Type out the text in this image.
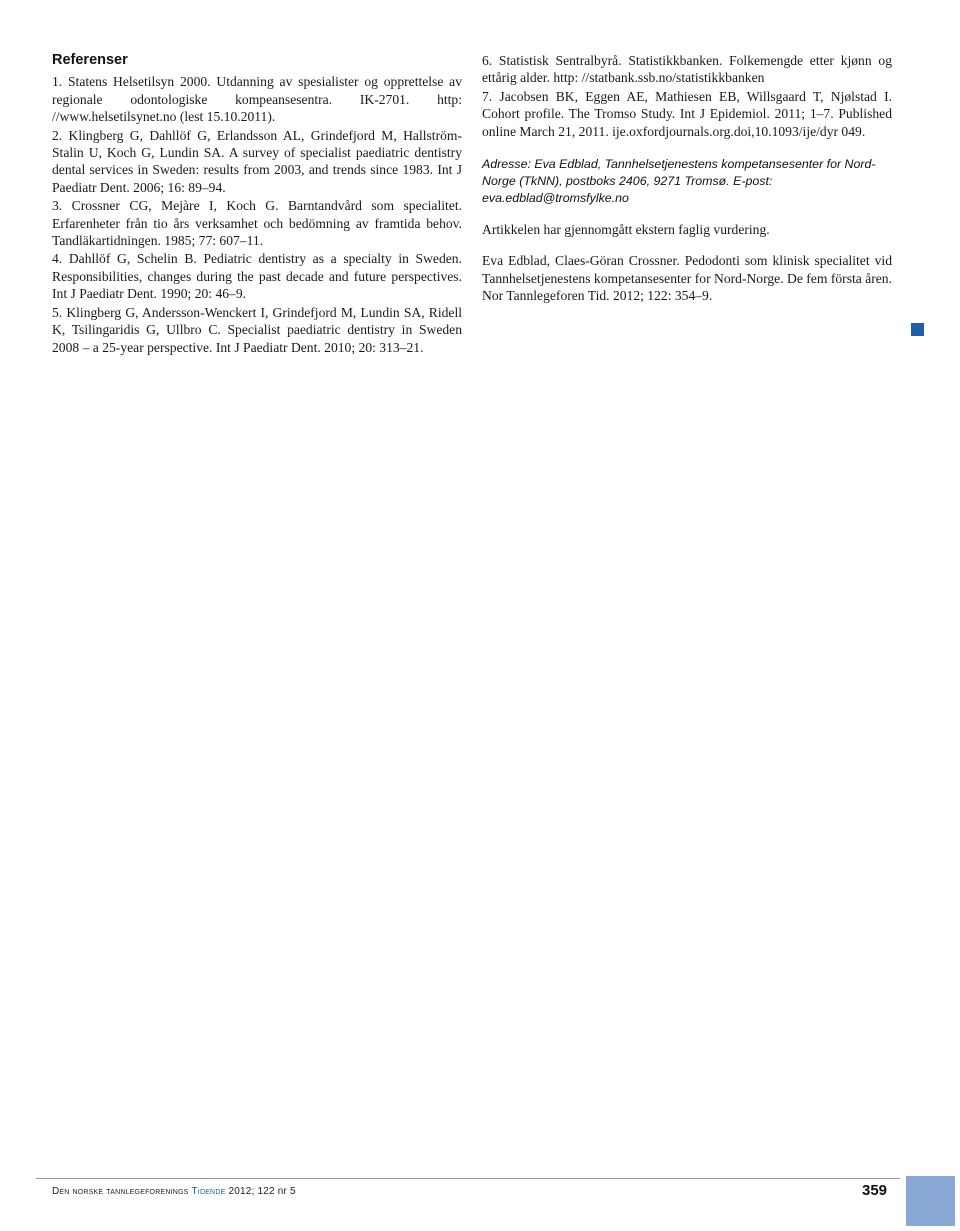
Referenser

1. Statens Helsetilsyn 2000. Utdanning av spesialister og opprettelse av regionale odontologiske kompeansesentra. IK-2701. http: //www.helsetilsynet.no (lest 15.10.2011).

2. Klingberg G, Dahllöf G, Erlandsson AL, Grindefjord M, Hallström-Stalin U, Koch G, Lundin SA. A survey of specialist paediatric dentistry dental services in Sweden: results from 2003, and trends since 1983. Int J Paediatr Dent. 2006; 16: 89–94.

3. Crossner CG, Mejàre I, Koch G. Barntandvård som specialitet. Erfarenheter från tio års verksamhet och bedömning av framtida behov. Tandläkartidningen. 1985; 77: 607–11.

4. Dahllöf G, Schelin B. Pediatric dentistry as a specialty in Sweden. Responsibilities, changes during the past decade and future perspectives. Int J Paediatr Dent. 1990; 20: 46–9.

5. Klingberg G, Andersson-Wenckert I, Grindefjord M, Lundin SA, Ridell K, Tsilingaridis G, Ullbro C. Specialist paediatric dentistry in Sweden 2008 – a 25-year perspective. Int J Paediatr Dent. 2010; 20: 313–21.

6. Statistisk Sentralbyrå. Statistikkbanken. Folkemengde etter kjønn og ettårig alder. http: //statbank.ssb.no/statistikkbanken

7. Jacobsen BK, Eggen AE, Mathiesen EB, Willsgaard T, Njølstad I. Cohort profile. The Tromso Study. Int J Epidemiol. 2011; 1–7. Published online March 21, 2011. ije.oxfordjournals.org.doi,10.1093/ije/dyr 049.

Adresse: Eva Edblad, Tannhelsetjenestens kompetansesenter for Nord-Norge (TkNN), postboks 2406, 9271 Tromsø. E-post: eva.edblad@tromsfylke.no

Artikkelen har gjennomgått ekstern faglig vurdering.

Eva Edblad, Claes-Göran Crossner. Pedodonti som klinisk specialitet vid Tannhelsetjenestens kompetansesenter for Nord-Norge. De fem första åren. Nor Tannlegeforen Tid. 2012; 122: 354–9.

Den norske tannlegeforenings Tidende 2012; 122 nr 5	359
